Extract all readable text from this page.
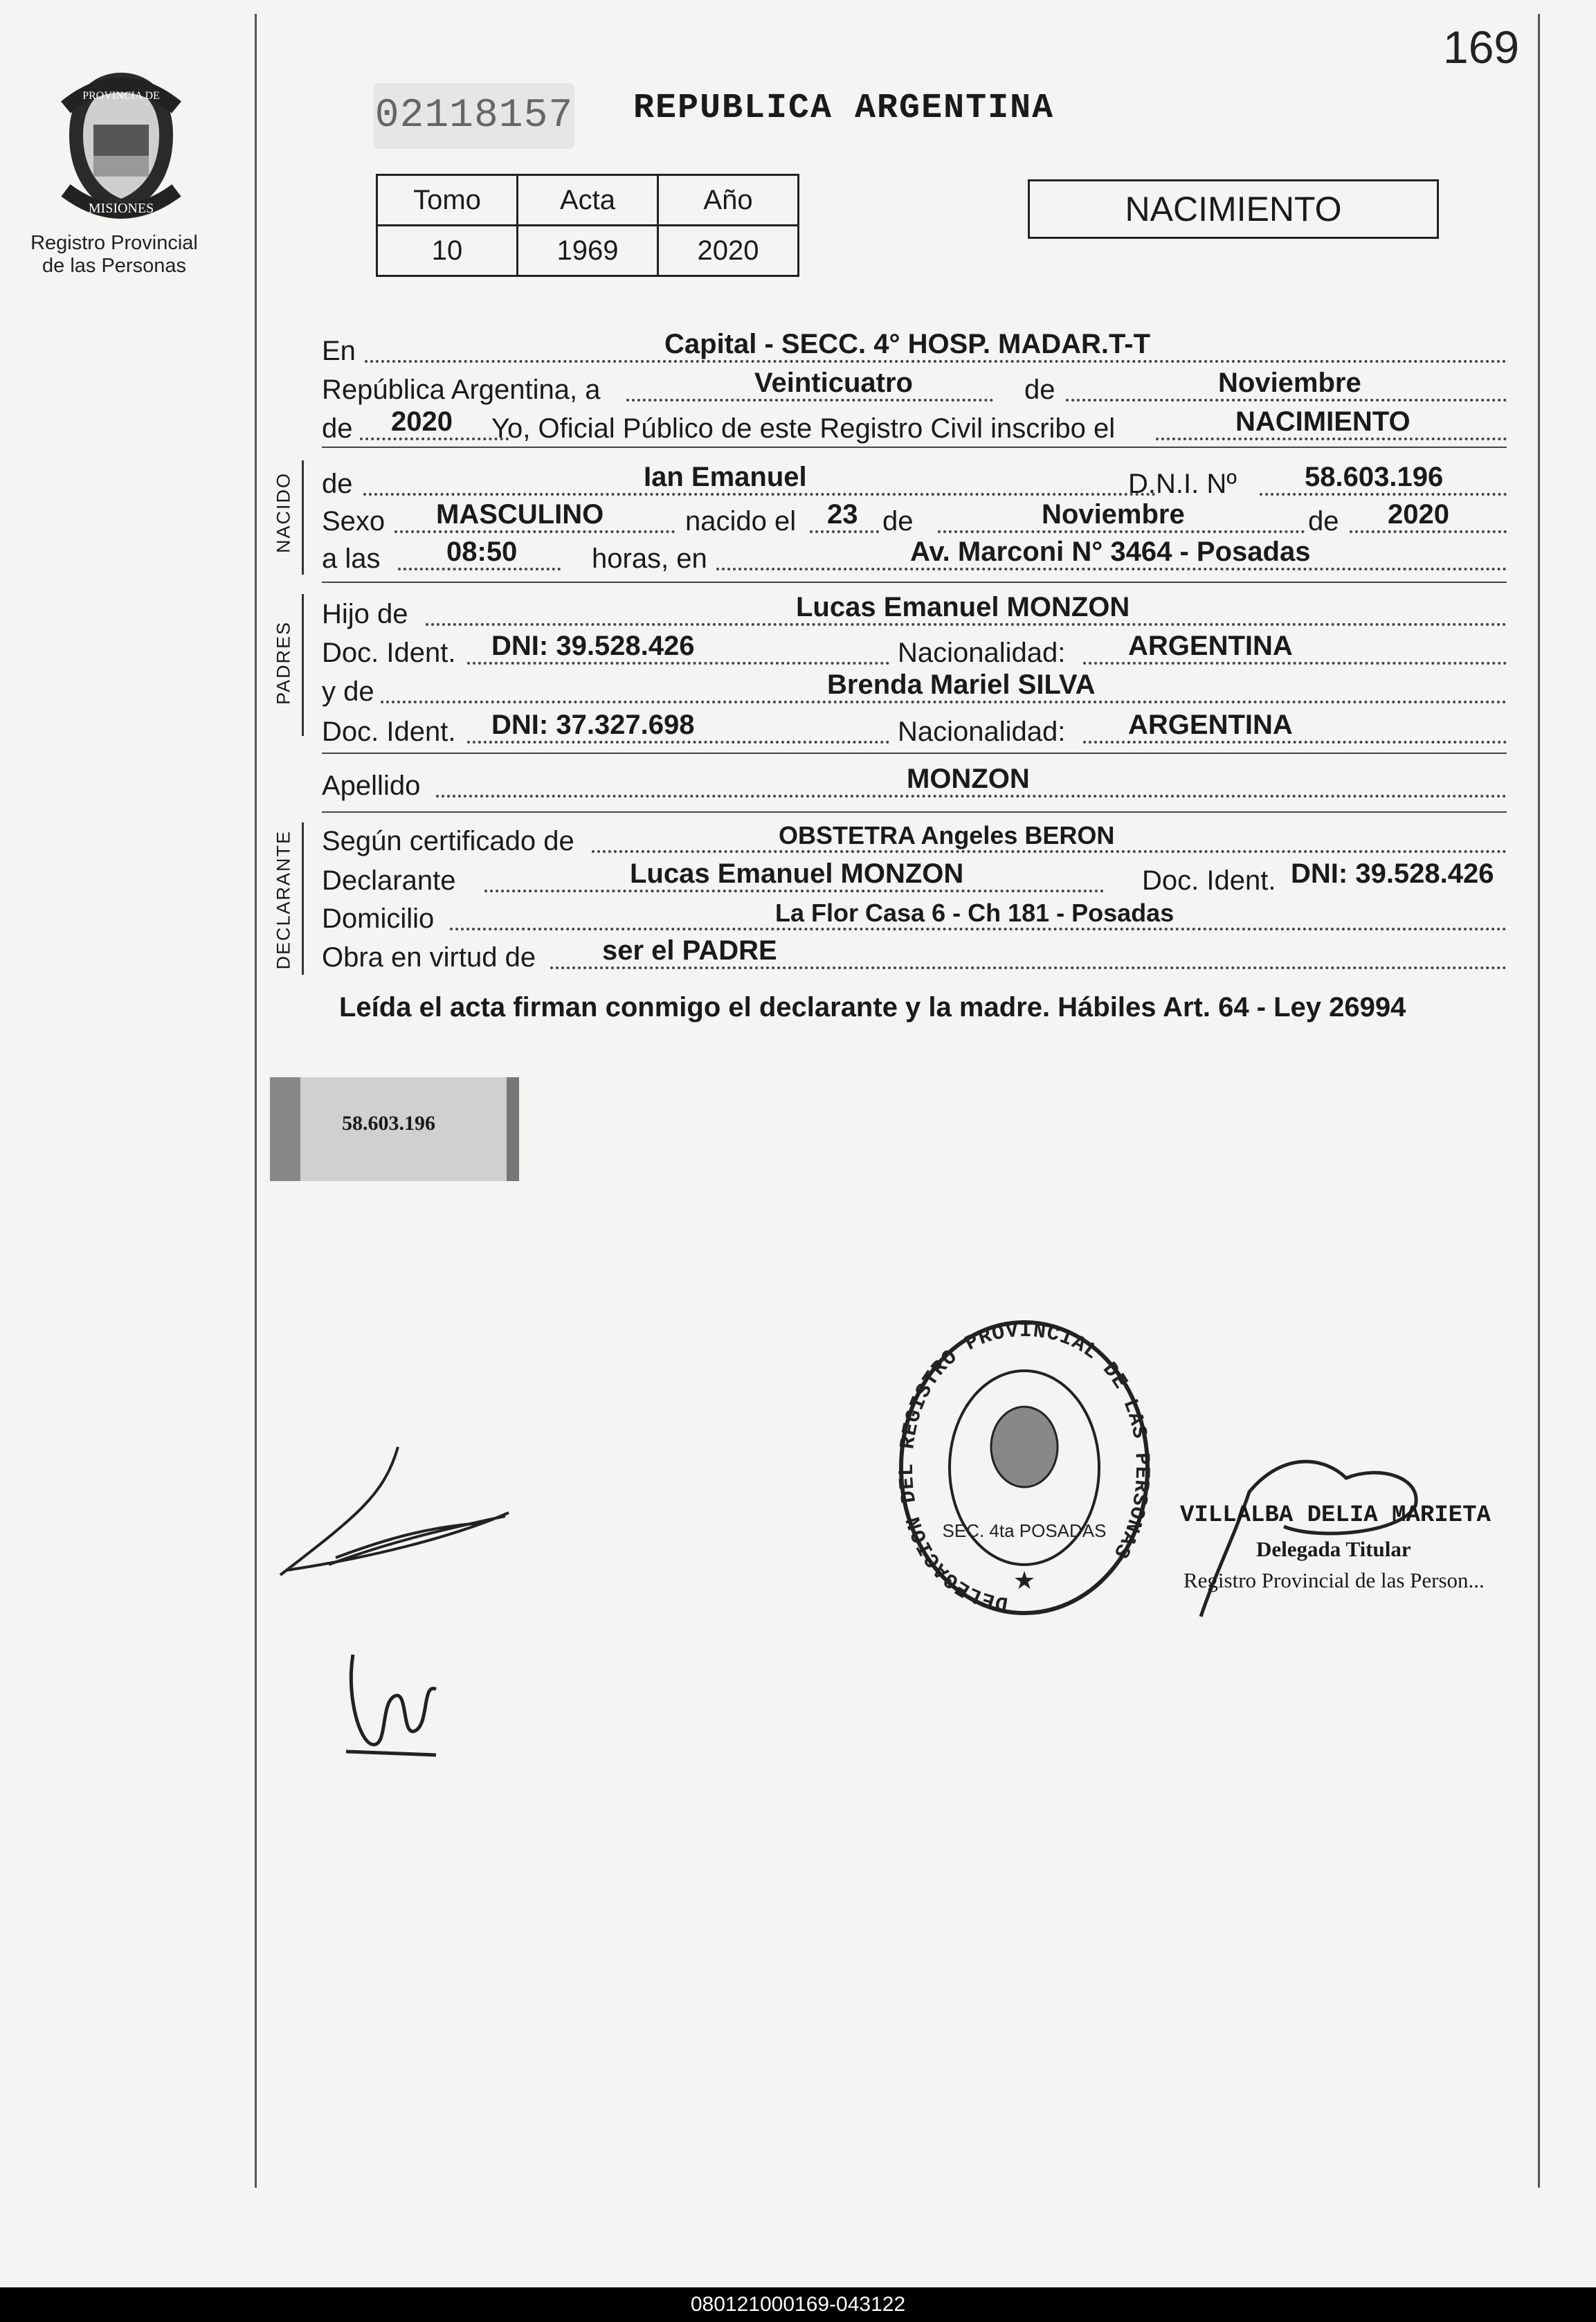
169
PROVINCIA DE
MISIONES
Registro Provincial
de las Personas
02118157 REPUBLICA ARGENTINA
Tomo	Acta	Año
10	1969	2020
NACIMIENTO
En	Capital - SECC. 4° HOSP. MADAR.T-T
República Argentina, a	Veinticuatro	de	Noviembre
de 2020 Yo, Oficial Público de este Registro Civil inscribo el	NACIMIENTO
NACIDO de	Ian Emanuel	D.N.I. Nº 58.603.196
Sexo MASCULINO	nacido el 23 de	Noviembre	de 2020
a las 08:50	horas, en	Av. Marconi N° 3464 - Posadas
PADRES
Hijo de	Lucas Emanuel MONZON
Doc. Ident. DNI: 39.528.426	Nacionalidad: ARGENTINA
y de	Brenda Mariel SILVA
Doc. Ident. DNI: 37.327.698	Nacionalidad: ARGENTINA
Apellido	MONZON
DECLARANTE Según certificado de	OBSTETRA Angeles BERON
Declarante	Lucas Emanuel MONZON	Doc. Ident. DNI: 39.528.426
Domicilio	La Flor Casa 6 - Ch 181 - Posadas
Obra en virtud de ser el PADRE
Leída el acta firman conmigo el declarante y la madre. Hábiles Art. 64 - Ley 26994
58.603.196
DELEGACION DEL REGISTRO PROVINCIAL DE LAS PERSONAS
SEC. 4ta POSADAS
★
VILLALBA DELIA MARIETA
Delegada Titular
Registro Provincial de las Person...
080121000169-043122
